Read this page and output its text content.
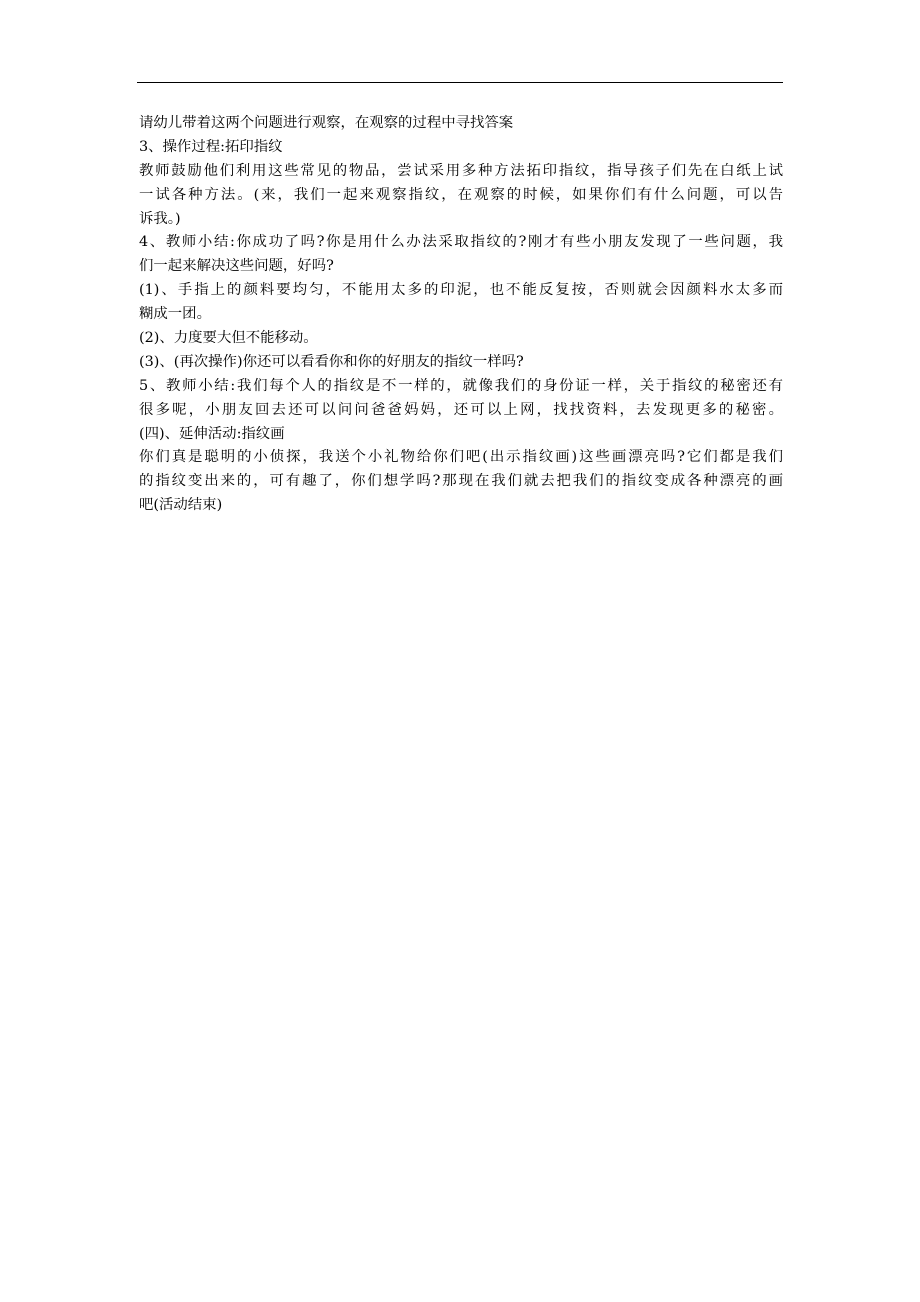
请幼儿带着这两个问题进行观察，在观察的过程中寻找答案
3、操作过程:拓印指纹
教师鼓励他们利用这些常见的物品，尝试采用多种方法拓印指纹，指导孩子们先在白纸上试
一试各种方法。(来，我们一起来观察指纹，在观察的时候，如果你们有什么问题，可以告
诉我。)
4、教师小结:你成功了吗?你是用什么办法采取指纹的?刚才有些小朋友发现了一些问题，我
们一起来解决这些问题，好吗?
(1)、手指上的颜料要均匀，不能用太多的印泥，也不能反复按，否则就会因颜料水太多而
糊成一团。
(2)、力度要大但不能移动。
(3)、(再次操作)你还可以看看你和你的好朋友的指纹一样吗?
5、教师小结:我们每个人的指纹是不一样的，就像我们的身份证一样，关于指纹的秘密还有
很多呢，小朋友回去还可以问问爸爸妈妈，还可以上网，找找资料，去发现更多的秘密。
(四)、延伸活动:指纹画
你们真是聪明的小侦探，我送个小礼物给你们吧(出示指纹画)这些画漂亮吗?它们都是我们
的指纹变出来的，可有趣了，你们想学吗?那现在我们就去把我们的指纹变成各种漂亮的画
吧(活动结束)
